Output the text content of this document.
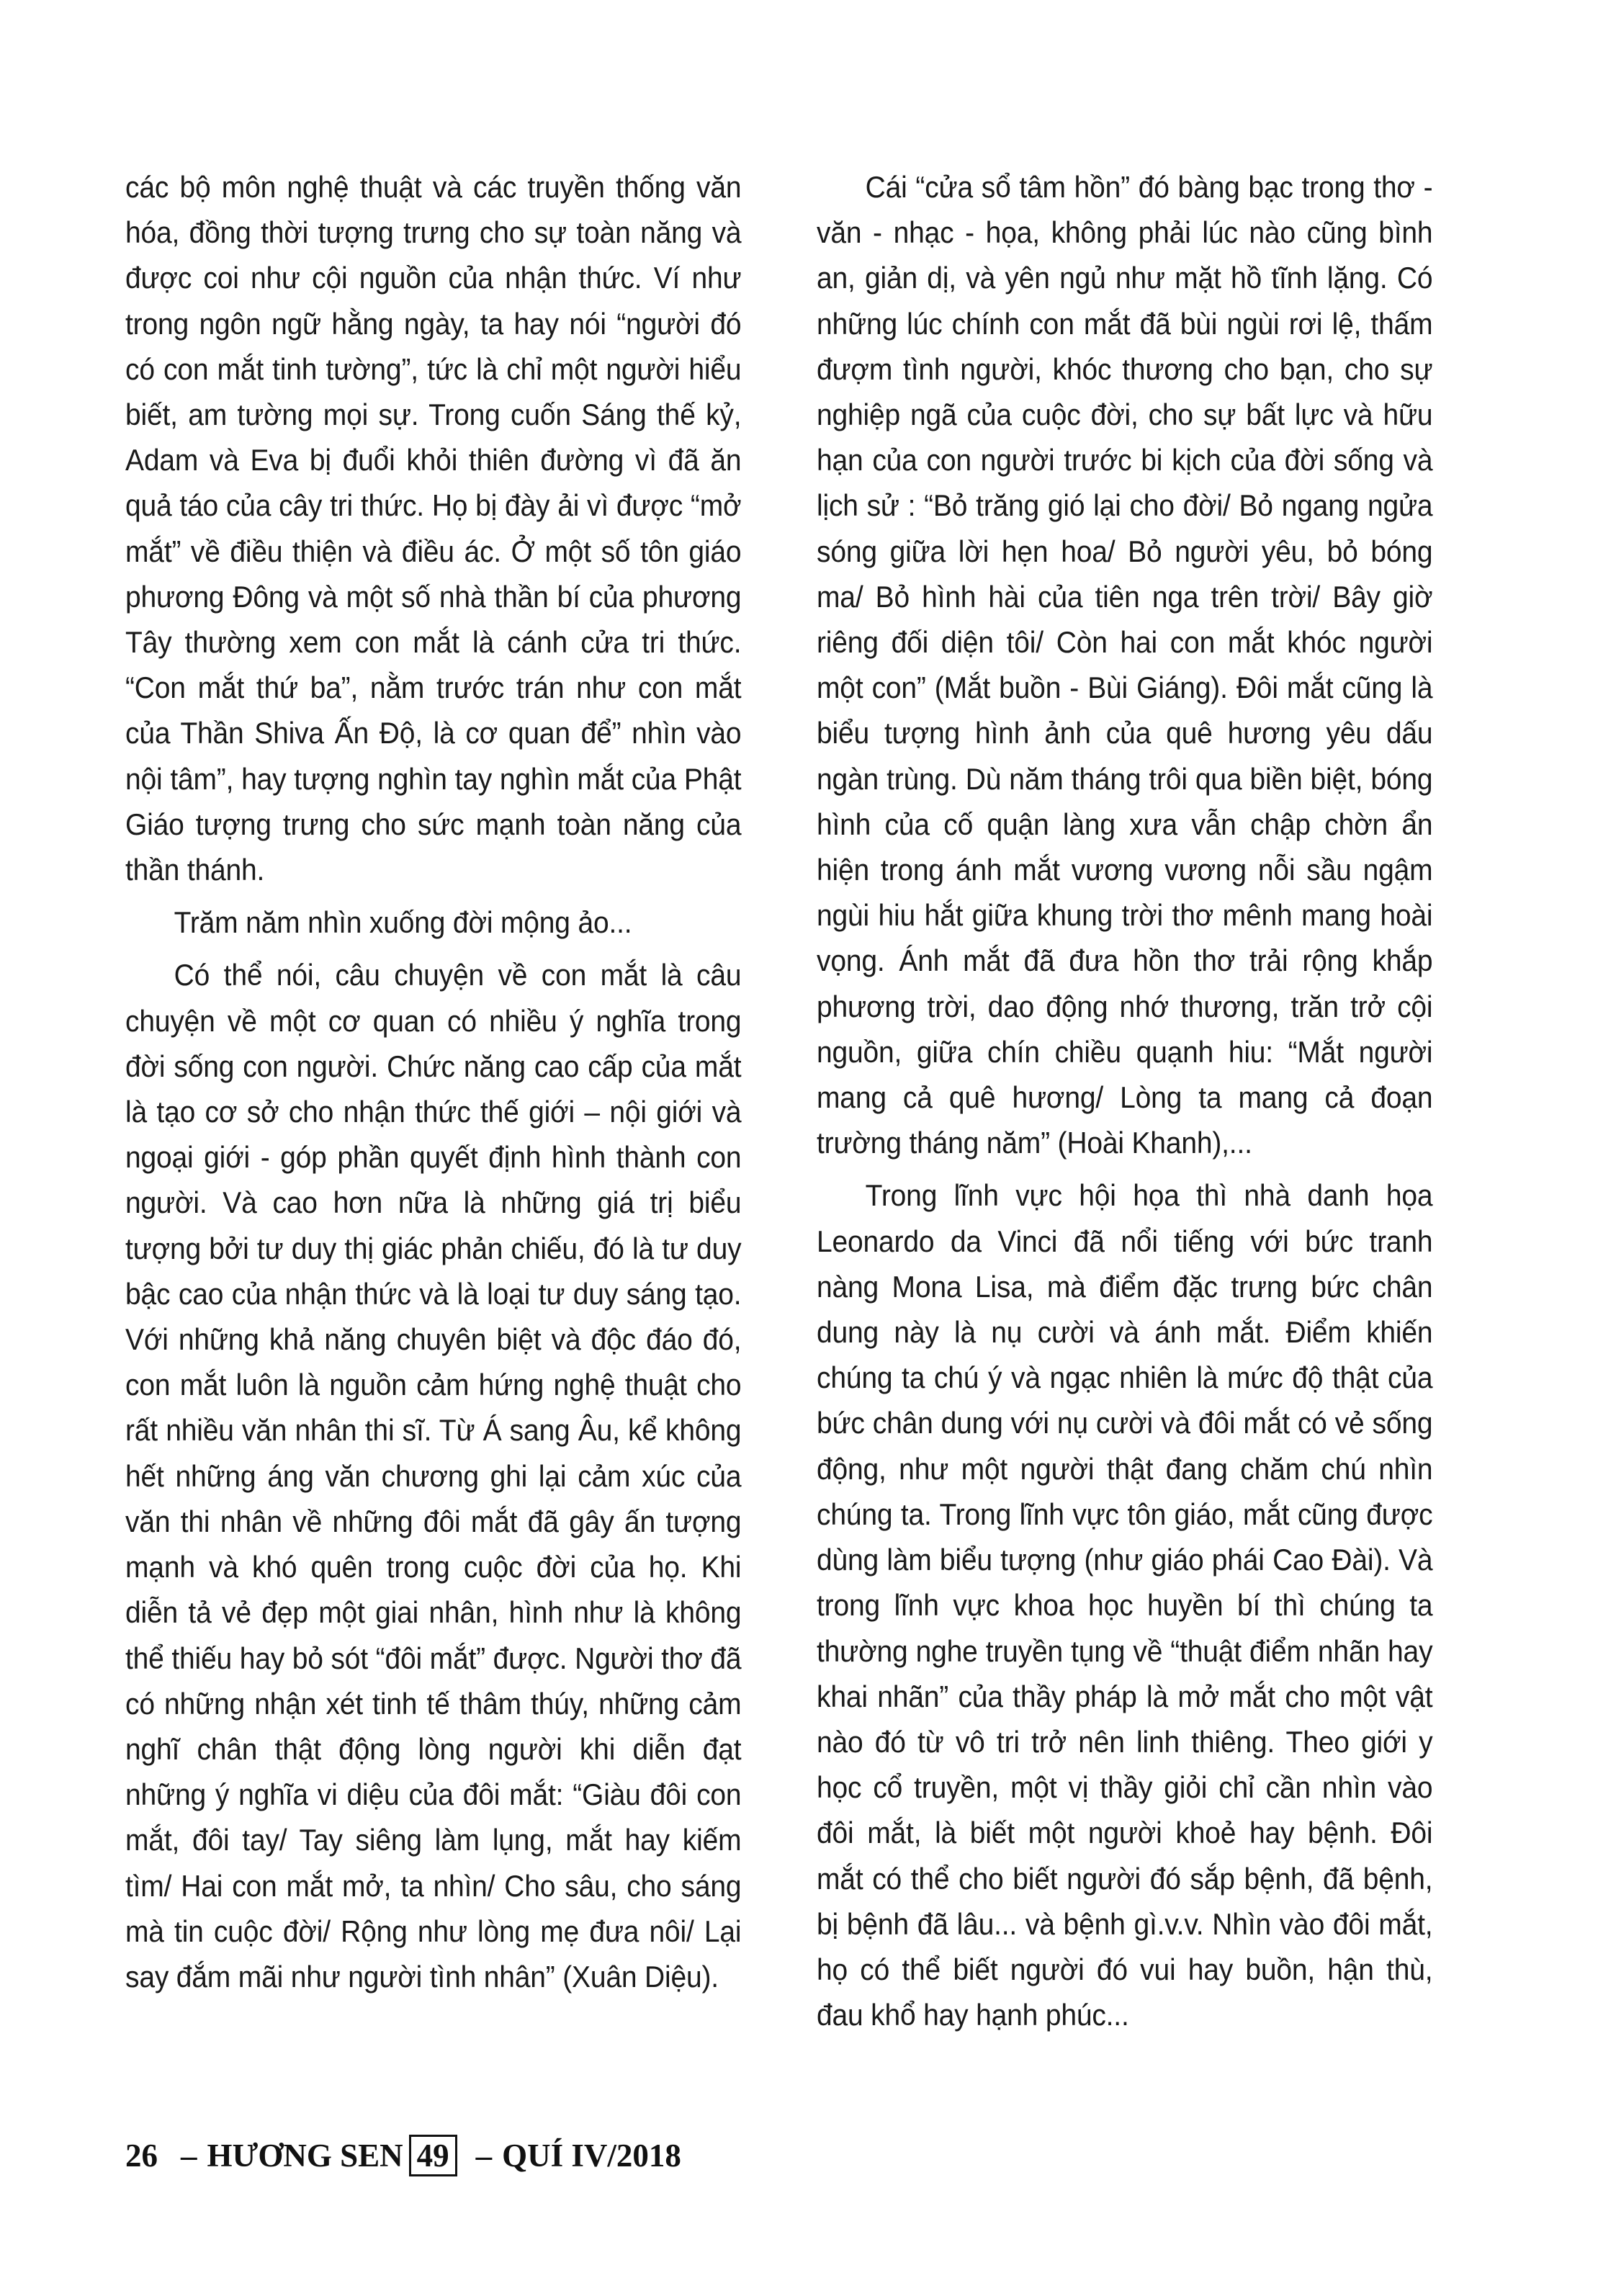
các bộ môn nghệ thuật và các truyền thống văn hóa, đồng thời tượng trưng cho sự toàn năng và được coi như cội nguồn của nhận thức. Ví như trong ngôn ngữ hằng ngày, ta hay nói “người đó có con mắt tinh tường”, tức là chỉ một người hiểu biết, am tường mọi sự. Trong cuốn Sáng thế kỷ, Adam và Eva bị đuổi khỏi thiên đường vì đã ăn quả táo của cây tri thức. Họ bị đày ải vì được “mở mắt” về điều thiện và điều ác. Ở một số tôn giáo phương Đông và một số nhà thần bí của phương Tây thường xem con mắt là cánh cửa tri thức. “Con mắt thứ ba”, nằm trước trán như con mắt của Thần Shiva Ấn Độ, là cơ quan để” nhìn vào nội tâm”, hay tượng nghìn tay nghìn mắt của Phật Giáo tượng trưng cho sức mạnh toàn năng của thần thánh.

Trăm năm nhìn xuống đời mộng ảo...

Có thể nói, câu chuyện về con mắt là câu chuyện về một cơ quan có nhiều ý nghĩa trong đời sống con người. Chức năng cao cấp của mắt là tạo cơ sở cho nhận thức thế giới – nội giới và ngoại giới - góp phần quyết định hình thành con người. Và cao hơn nữa là những giá trị biểu tượng bởi tư duy thị giác phản chiếu, đó là tư duy bậc cao của nhận thức và là loại tư duy sáng tạo. Với những khả năng chuyên biệt và độc đáo đó, con mắt luôn là nguồn cảm hứng nghệ thuật cho rất nhiều văn nhân thi sĩ. Từ Á sang Âu, kể không hết những áng văn chương ghi lại cảm xúc của văn thi nhân về những đôi mắt đã gây ấn tượng mạnh và khó quên trong cuộc đời của họ. Khi diễn tả vẻ đẹp một giai nhân, hình như là không thể thiếu hay bỏ sót “đôi mắt” được. Người thơ đã có những nhận xét tinh tế thâm thúy, những cảm nghĩ chân thật động lòng người khi diễn đạt những ý nghĩa vi diệu của đôi mắt: “Giàu đôi con mắt, đôi tay/ Tay siêng làm lụng, mắt hay kiếm tìm/ Hai con mắt mở, ta nhìn/ Cho sâu, cho sáng mà tin cuộc đời/ Rộng như lòng mẹ đưa nôi/ Lại say đắm mãi như người tình nhân” (Xuân Diệu).

Cái “cửa sổ tâm hồn” đó bàng bạc trong thơ - văn - nhạc - họa, không phải lúc nào cũng bình an, giản dị, và yên ngủ như mặt hồ tĩnh lặng. Có những lúc chính con mắt đã bùi ngùi rơi lệ, thấm đượm tình người, khóc thương cho bạn, cho sự nghiệp ngã của cuộc đời, cho sự bất lực và hữu hạn của con người trước bi kịch của đời sống và lịch sử : “Bỏ trăng gió lại cho đời/ Bỏ ngang ngửa sóng giữa lời hẹn hoa/ Bỏ người yêu, bỏ bóng ma/ Bỏ hình hài của tiên nga trên trời/ Bây giờ riêng đối diện tôi/ Còn hai con mắt khóc người một con” (Mắt buồn - Bùi Giáng). Đôi mắt cũng là biểu tượng hình ảnh của quê hương yêu dấu ngàn trùng. Dù năm tháng trôi qua biền biệt, bóng hình của cố quận làng xưa vẫn chập chờn ẩn hiện trong ánh mắt vương vương nỗi sầu ngậm ngùi hiu hắt giữa khung trời thơ mênh mang hoài vọng. Ánh mắt đã đưa hồn thơ trải rộng khắp phương trời, dao động nhớ thương, trăn trở cội nguồn, giữa chín chiều quạnh hiu: “Mắt người mang cả quê hương/ Lòng ta mang cả đoạn trường tháng năm” (Hoài Khanh),...

Trong lĩnh vực hội họa thì nhà danh họa Leonardo da Vinci đã nổi tiếng với bức tranh nàng Mona Lisa, mà điểm đặc trưng bức chân dung này là nụ cười và ánh mắt. Điểm khiến chúng ta chú ý và ngạc nhiên là mức độ thật của bức chân dung với nụ cười và đôi mắt có vẻ sống động, như một người thật đang chăm chú nhìn chúng ta. Trong lĩnh vực tôn giáo, mắt cũng được dùng làm biểu tượng (như giáo phái Cao Đài). Và trong lĩnh vực khoa học huyền bí thì chúng ta thường nghe truyền tụng về “thuật điểm nhãn hay khai nhãn” của thầy pháp là mở mắt cho một vật nào đó từ vô tri trở nên linh thiêng. Theo giới y học cổ truyền, một vị thầy giỏi chỉ cần nhìn vào đôi mắt, là biết một người khoẻ hay bệnh. Đôi mắt có thể cho biết người đó sắp bệnh, đã bệnh, bị bệnh đã lâu... và bệnh gì.v.v. Nhìn vào đôi mắt, họ có thể biết người đó vui hay buồn, hận thù, đau khổ hay hạnh phúc...

26 – HƯƠNG SEN 49 – QUÍ IV/2018
